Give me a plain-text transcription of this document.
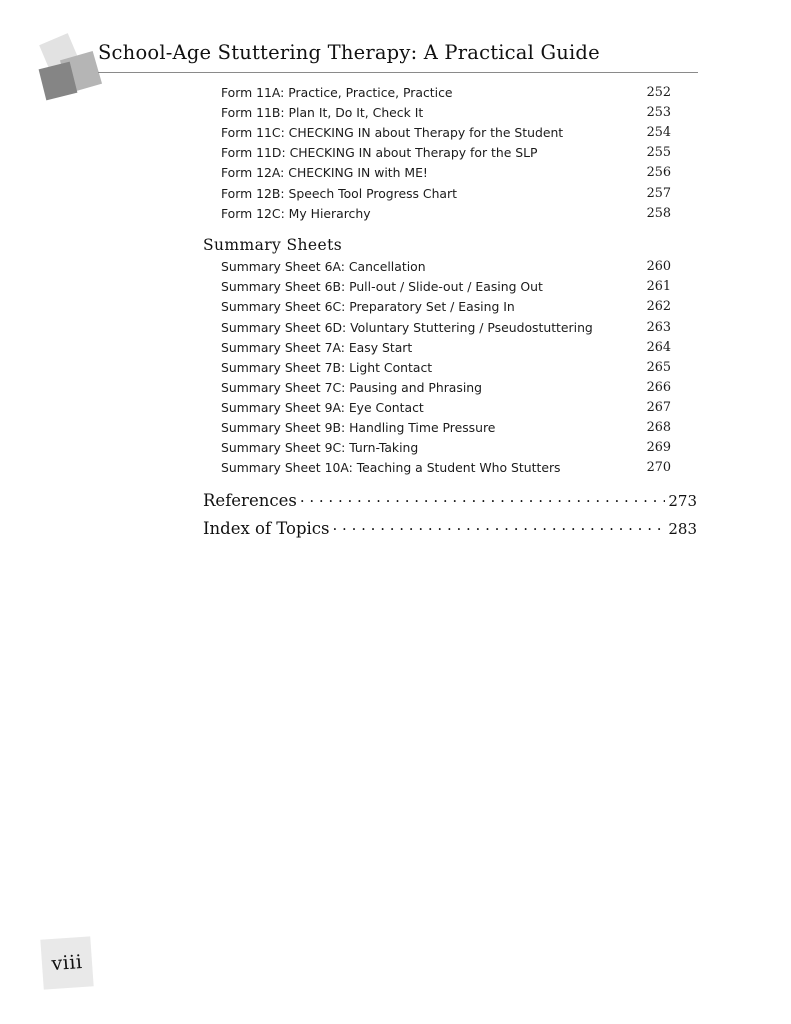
School-Age Stuttering Therapy: A Practical Guide
Form 11A: Practice, Practice, Practice	252
Form 11B: Plan It, Do It, Check It	253
Form 11C: CHECKING IN about Therapy for the Student	254
Form 11D: CHECKING IN about Therapy for the SLP	255
Form 12A: CHECKING IN with ME!	256
Form 12B: Speech Tool Progress Chart	257
Form 12C: My Hierarchy	258
Summary Sheets
Summary Sheet 6A: Cancellation	260
Summary Sheet 6B: Pull-out / Slide-out / Easing Out	261
Summary Sheet 6C: Preparatory Set / Easing In	262
Summary Sheet 6D: Voluntary Stuttering / Pseudostuttering	263
Summary Sheet 7A: Easy Start	264
Summary Sheet 7B: Light Contact	265
Summary Sheet 7C: Pausing and Phrasing	266
Summary Sheet 9A: Eye Contact	267
Summary Sheet 9B: Handling Time Pressure	268
Summary Sheet 9C: Turn-Taking	269
Summary Sheet 10A: Teaching a Student Who Stutters	270
References . . .	273
Index of Topics . . .	283
viii
